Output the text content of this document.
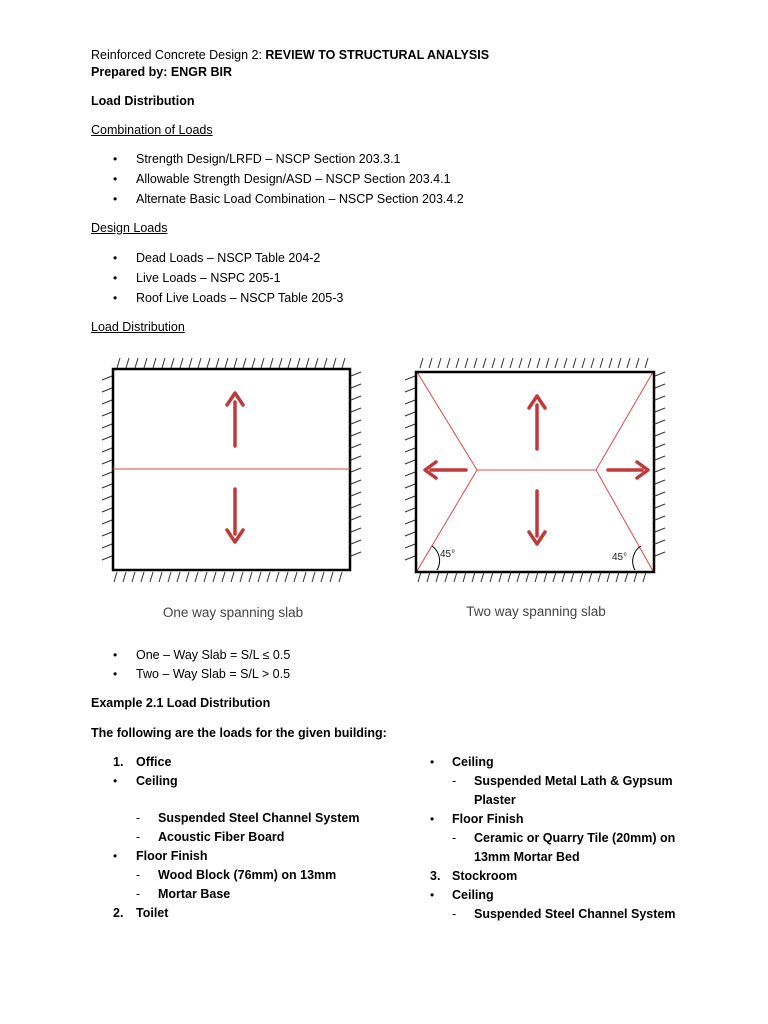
Reinforced Concrete Design 2: REVIEW TO STRUCTURAL ANALYSIS
Prepared by: ENGR BIR
Load Distribution
Combination of Loads
• Strength Design/LRFD – NSCP Section 203.3.1
• Allowable Strength Design/ASD – NSCP Section 203.4.1
• Alternate Basic Load Combination – NSCP Section 203.4.2
Design Loads
• Dead Loads – NSCP Table 204-2
• Live Loads – NSPC 205-1
• Roof Live Loads – NSCP Table 205-3
Load Distribution
One way spanning slab
45°	45°
Two way spanning slab
• One – Way Slab = S/L ≤ 0.5
• Two – Way Slab = S/L > 0.5
Example 2.1 Load Distribution
The following are the loads for the given building:
1. Office
• Ceiling
- Suspended Steel Channel System
- Acoustic Fiber Board
• Floor Finish
- Wood Block (76mm) on 13mm
- Mortar Base
2. Toilet
• Ceiling
- Suspended Metal Lath & Gypsum
Plaster
• Floor Finish
- Ceramic or Quarry Tile (20mm) on
13mm Mortar Bed
3. Stockroom
• Ceiling
- Suspended Steel Channel System
